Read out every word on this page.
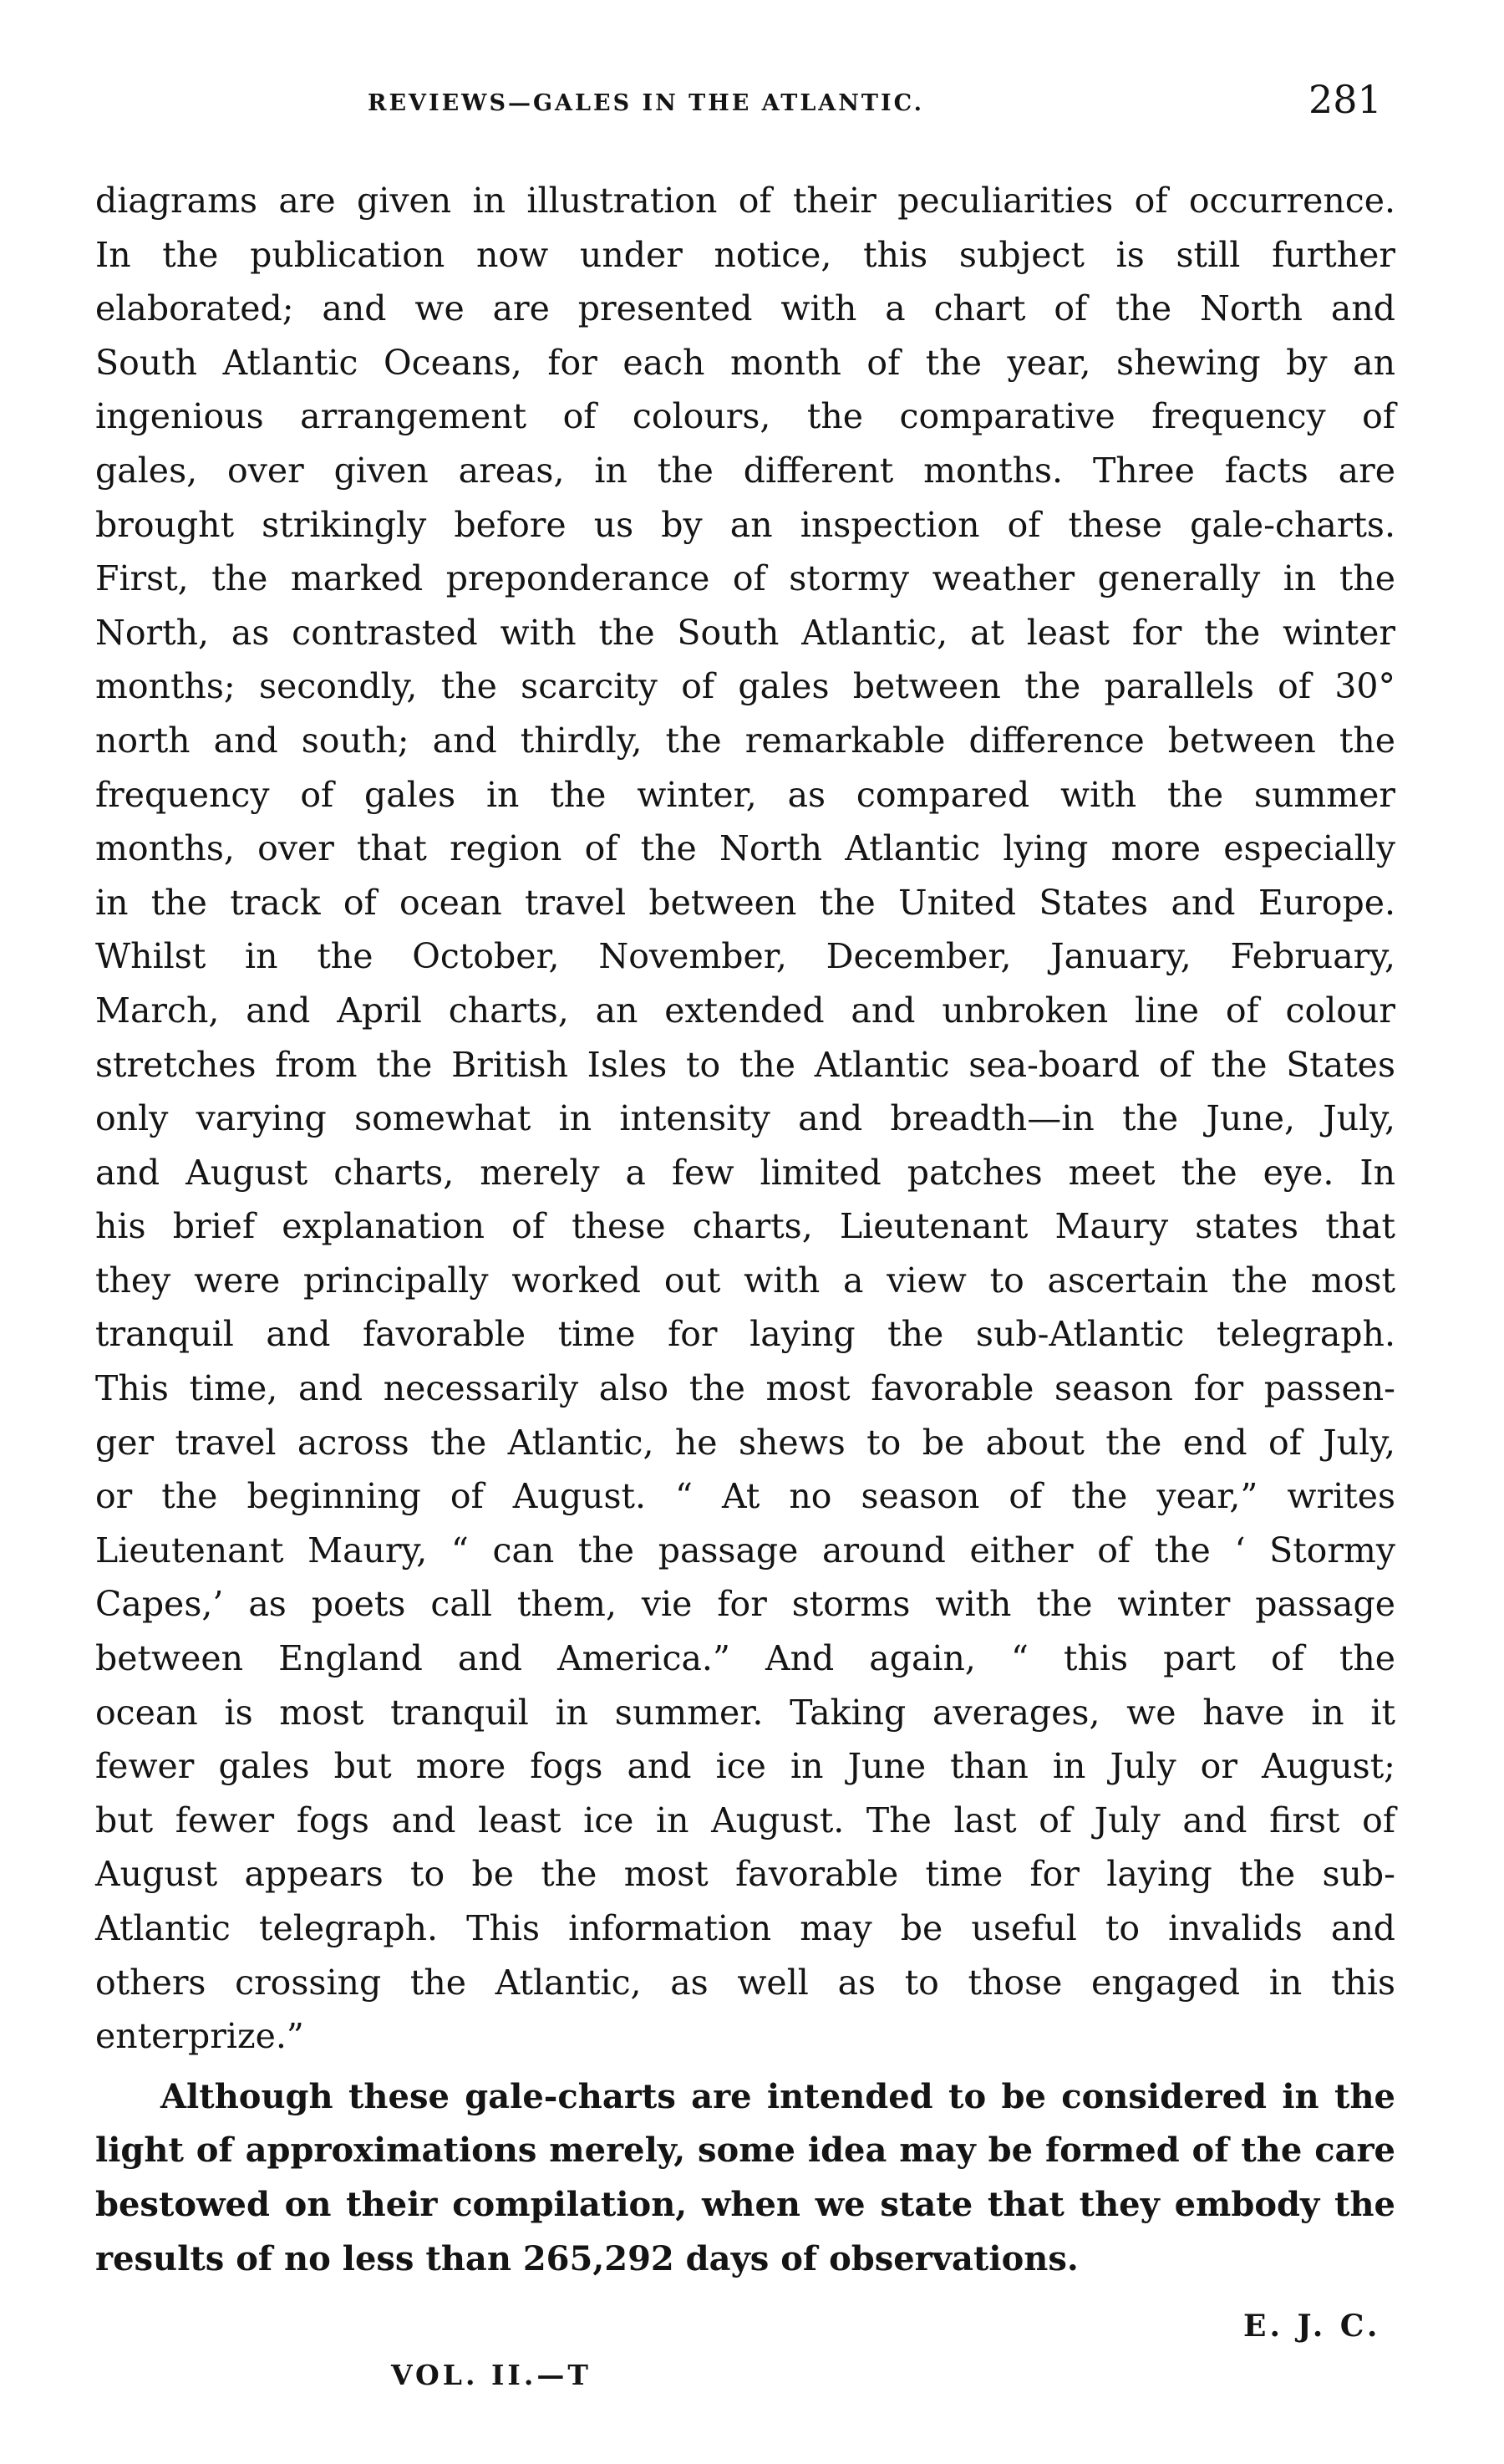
REVIEWS—GALES IN THE ATLANTIC.	281
diagrams are given in illustration of their peculiarities of occurrence.
In the publication now under notice, this subject is still further
elaborated; and we are presented with a chart of the North and
South Atlantic Oceans, for each month of the year, shewing by an
ingenious arrangement of colours, the comparative frequency of
gales, over given areas, in the different months. Three facts are
brought strikingly before us by an inspection of these gale-charts.
First, the marked preponderance of stormy weather generally in the
North, as contrasted with the South Atlantic, at least for the winter
months; secondly, the scarcity of gales between the parallels of 30°
north and south; and thirdly, the remarkable difference between the
frequency of gales in the winter, as compared with the summer
months, over that region of the North Atlantic lying more especially
in the track of ocean travel between the United States and Europe.
Whilst in the October, November, December, January, February,
March, and April charts, an extended and unbroken line of colour
stretches from the British Isles to the Atlantic sea-board of the States
only varying somewhat in intensity and breadth—in the June, July,
and August charts, merely a few limited patches meet the eye. In
his brief explanation of these charts, Lieutenant Maury states that
they were principally worked out with a view to ascertain the most
tranquil and favorable time for laying the sub-Atlantic telegraph.
This time, and necessarily also the most favorable season for passen-
ger travel across the Atlantic, he shews to be about the end of July,
or the beginning of August. “ At no season of the year,” writes
Lieutenant Maury, “ can the passage around either of the ‘ Stormy
Capes,’ as poets call them, vie for storms with the winter passage
between England and America.” And again, “ this part of the
ocean is most tranquil in summer. Taking averages, we have in it
fewer gales but more fogs and ice in June than in July or August;
but fewer fogs and least ice in August. The last of July and first of
August appears to be the most favorable time for laying the sub-
Atlantic telegraph. This information may be useful to invalids and
others crossing the Atlantic, as well as to those engaged in this
enterprize.”
Although these gale-charts are intended to be considered in the
light of approximations merely, some idea may be formed of the care
bestowed on their compilation, when we state that they embody the
results of no less than 265,292 days of observations.
E. J. C.
VOL. II.—T
